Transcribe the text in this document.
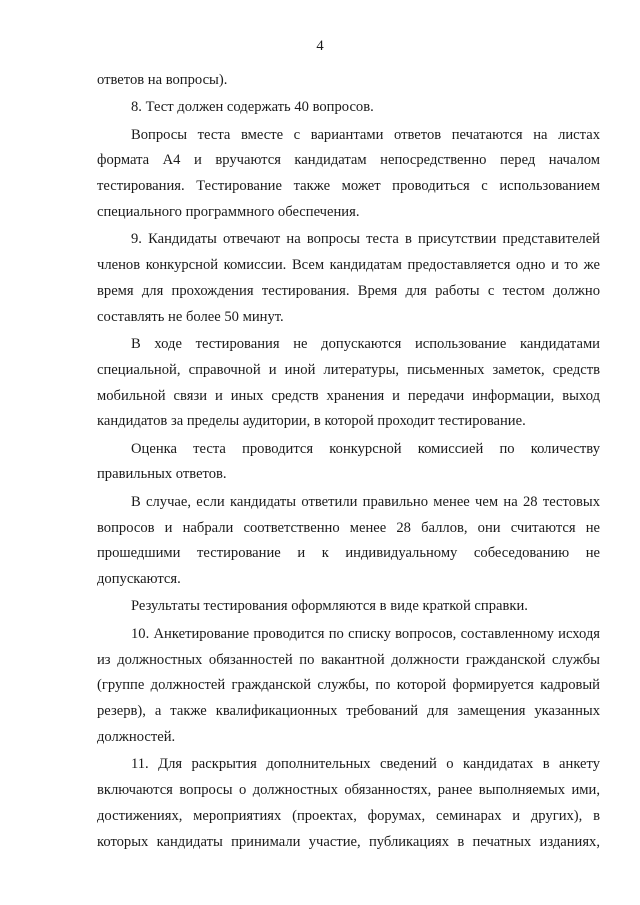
4

ответов на вопросы).

8. Тест должен содержать 40 вопросов.

Вопросы теста вместе с вариантами ответов печатаются на листах формата А4 и вручаются кандидатам непосредственно перед началом тестирования. Тестирование также может проводиться с использованием специального программного обеспечения.

9. Кандидаты отвечают на вопросы теста в присутствии представителей членов конкурсной комиссии. Всем кандидатам предоставляется одно и то же время для прохождения тестирования. Время для работы с тестом должно составлять не более 50 минут.

В ходе тестирования не допускаются использование кандидатами специальной, справочной и иной литературы, письменных заметок, средств мобильной связи и иных средств хранения и передачи информации, выход кандидатов за пределы аудитории, в которой проходит тестирование.

Оценка теста проводится конкурсной комиссией по количеству правильных ответов.

В случае, если кандидаты ответили правильно менее чем на 28 тестовых вопросов и набрали соответственно менее 28 баллов, они считаются не прошедшими тестирование и к индивидуальному собеседованию не допускаются.

Результаты тестирования оформляются в виде краткой справки.

10. Анкетирование проводится по списку вопросов, составленному исходя из должностных обязанностей по вакантной должности гражданской службы (группе должностей гражданской службы, по которой формируется кадровый резерв), а также квалификационных требований для замещения указанных должностей.

11. Для раскрытия дополнительных сведений о кандидатах в анкету включаются вопросы о должностных обязанностях, ранее выполняемых ими, достижениях, мероприятиях (проектах, форумах, семинарах и других), в которых кандидаты принимали участие, публикациях в печатных изданиях,
